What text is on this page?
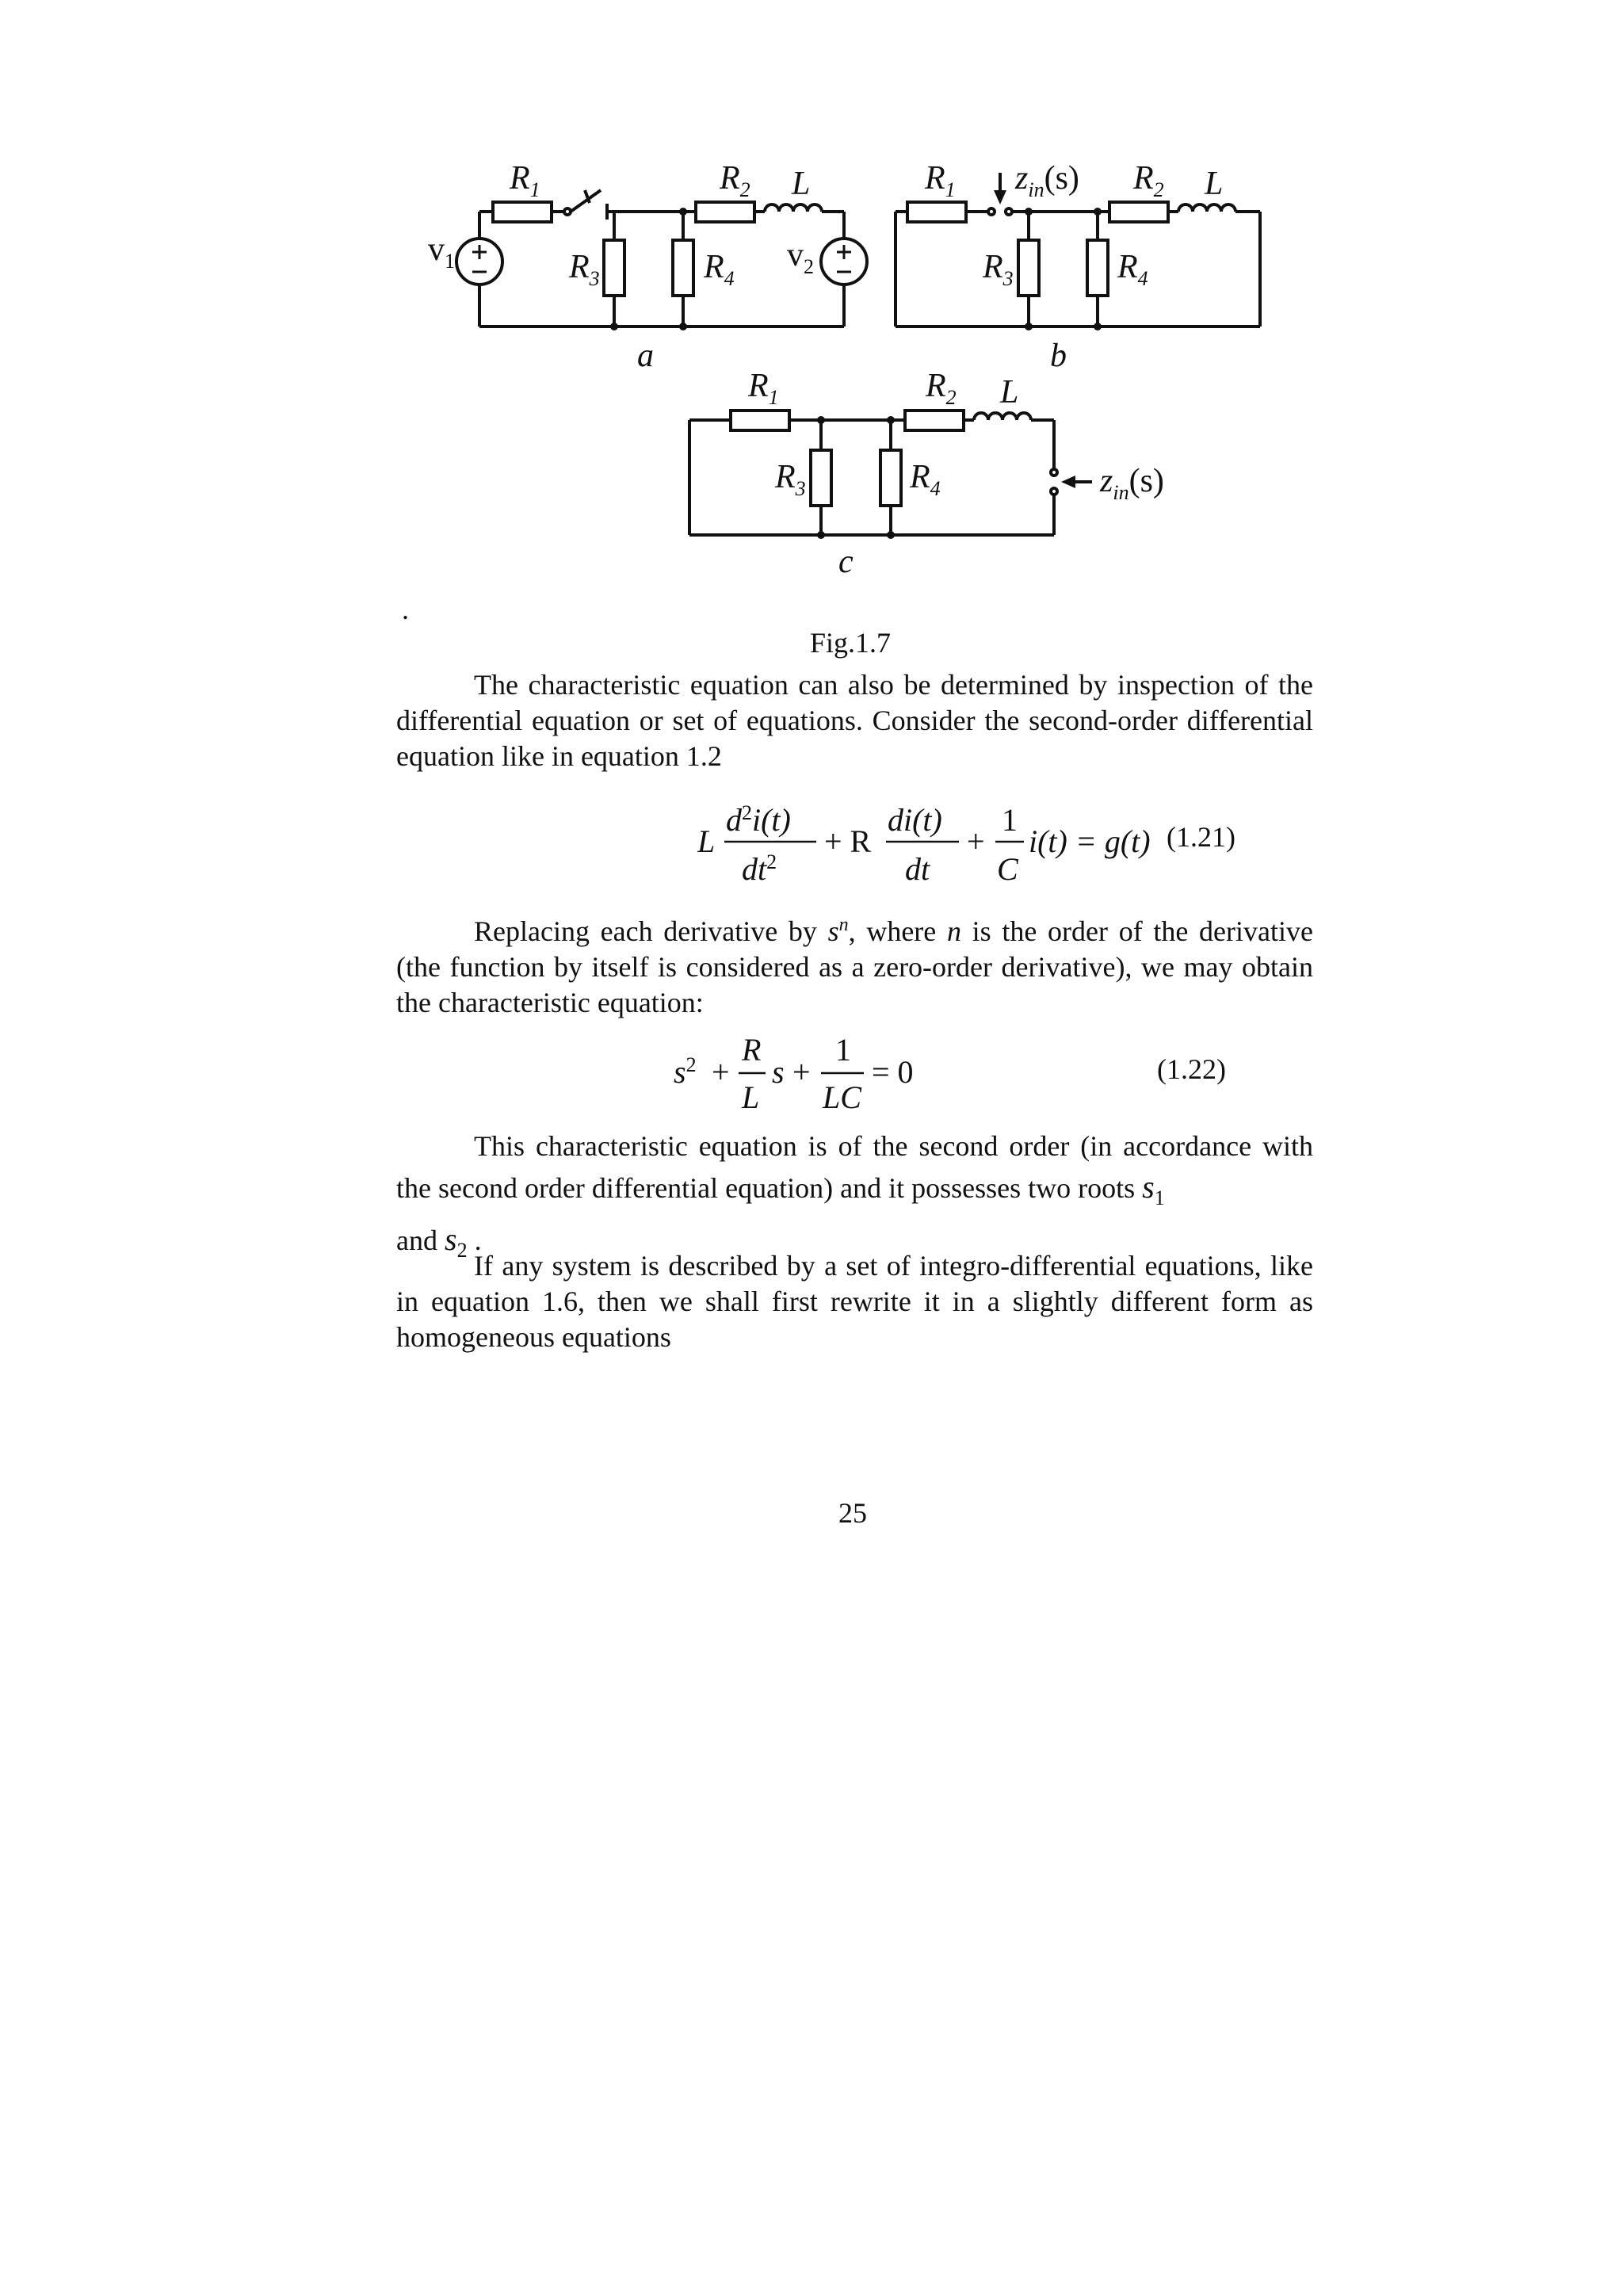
$R_1$	$R_2$ L
$R_3$	$R_4$
$v_1$	$v_2$
a
$R_1$ $z_{in}(s)$ $R_2$ L
$R_3$	$R_4$
b
$R_1$	$R_2$ L
$R_3$	$R_4$	$z_{in}(s)$
c
.
Fig.1.7

The characteristic equation can also be determined by inspection of the differential equation or set of equations. Consider the second-order differential equation like in equation 1.2

L
$d^2i(t)$
$dt^2$
+ R
di(t)
dt
+
1
C
i(t) = g(t) (1.21)

Replacing each derivative by $s^n$, where n is the order of the derivative (the function by itself is considered as a zero-order derivative), we may obtain the characteristic equation:

$s^2$ +
R
L
s +
1
LC
= 0	(1.22)

This characteristic equation is of the second order (in accordance with the second order differential equation) and it possesses two roots $s_1$
and $s_2$ .

If any system is described by a set of integro-differential equations, like in equation 1.6, then we shall first rewrite it in a slightly different form as homogeneous equations

25
